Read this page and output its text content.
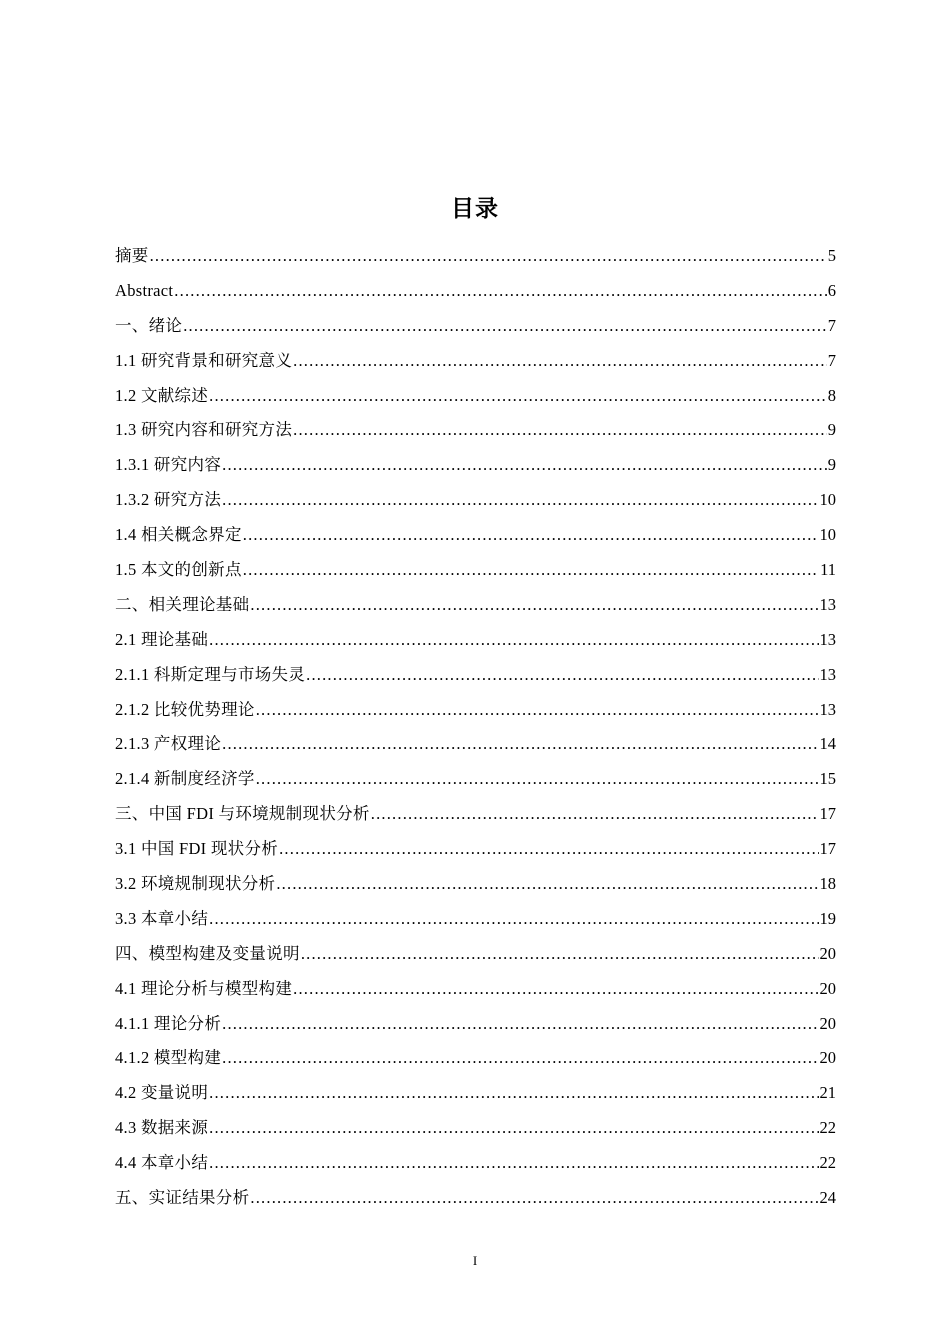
目录
摘要 .....	5
Abstract .....	6
一、绪论 .....	7
1.1 研究背景和研究意义 .....	7
1.2 文献综述 .....	8
1.3 研究内容和研究方法 .....	9
1.3.1 研究内容 .....	9
1.3.2 研究方法 .....	10
1.4 相关概念界定 .....	10
1.5 本文的创新点 .....	11
二、相关理论基础 .....	13
2.1 理论基础 .....	13
2.1.1 科斯定理与市场失灵 .....	13
2.1.2 比较优势理论 .....	13
2.1.3 产权理论 .....	14
2.1.4 新制度经济学 .....	15
三、中国 FDI 与环境规制现状分析 .....	17
3.1 中国 FDI 现状分析 .....	17
3.2 环境规制现状分析 .....	18
3.3 本章小结 .....	19
四、模型构建及变量说明 .....	20
4.1 理论分析与模型构建 .....	20
4.1.1 理论分析 .....	20
4.1.2 模型构建 .....	20
4.2 变量说明 .....	21
4.3 数据来源 .....	22
4.4 本章小结 .....	22
五、实证结果分析 .....	24
I
